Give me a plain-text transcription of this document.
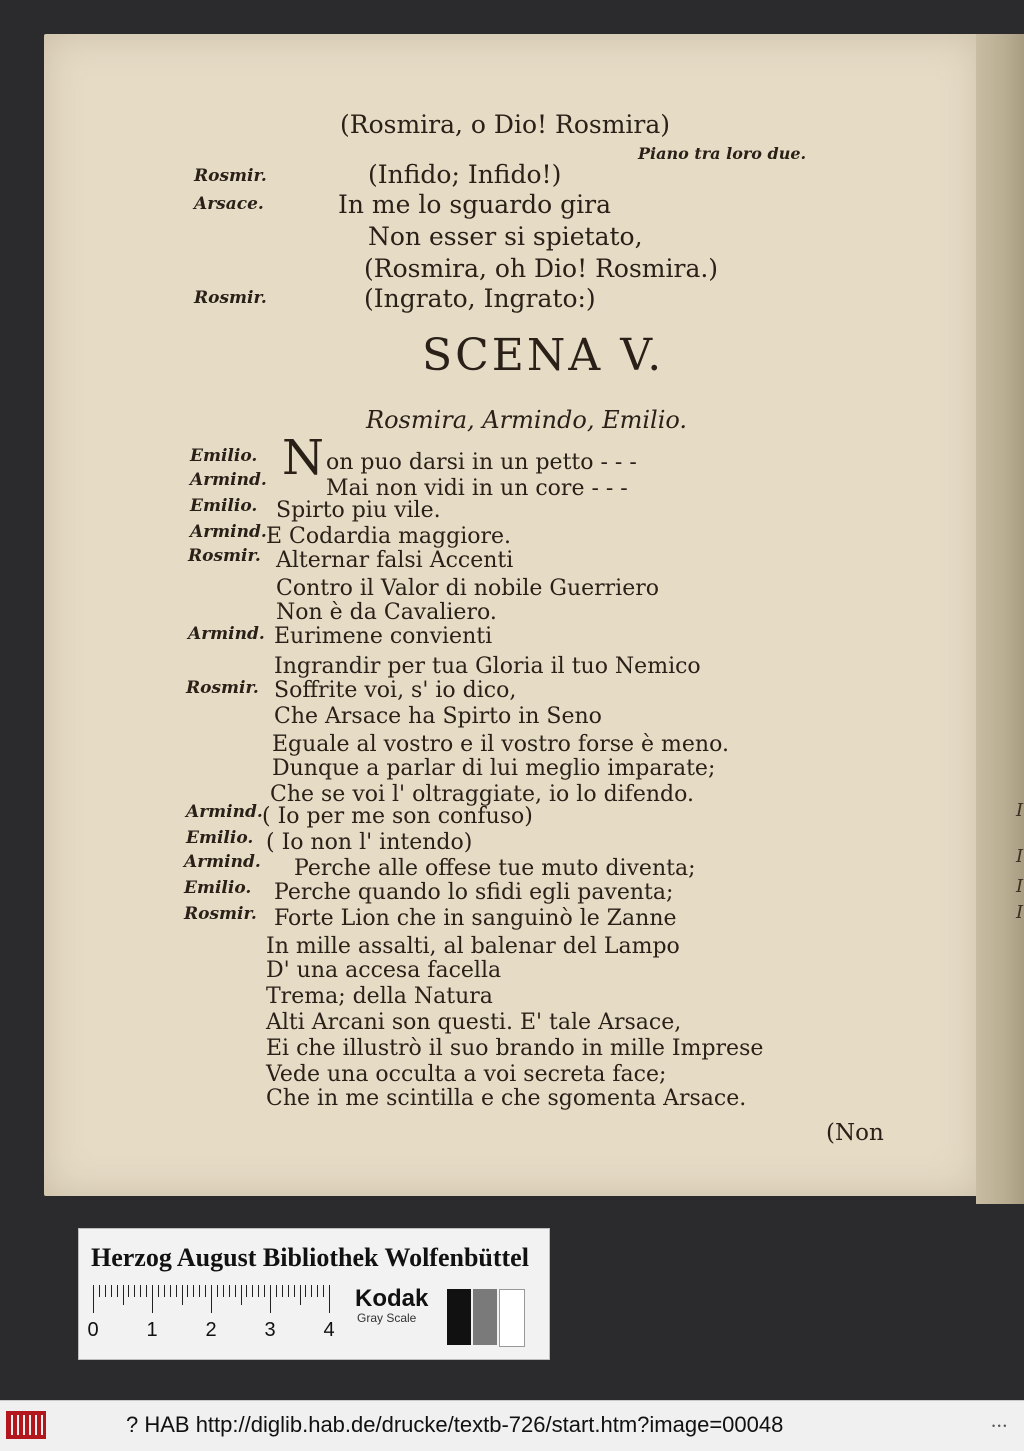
(Rosmira, o Dio! Rosmira)
Piano tra loro due.
Rosmir.	(Infido; Infido!)
Arsace.	In me lo sguardo gira
Non esser si spietato,
(Rosmira, oh Dio! Rosmira.)
Rosmir.	(Ingrato, Ingrato:)
SCENA V.
Rosmira, Armindo, Emilio.
N
Emilio.	on puo darsi in un petto - - -
Armind.	Mai non vidi in un core - - -
Emilio. Spirto piu vile.
Armind. E Codardia maggiore.
Rosmir. Alternar falsi Accenti
Contro il Valor di nobile Guerriero
Non è da Cavaliero.
Armind. Eurimene convienti
Ingrandir per tua Gloria il tuo Nemico
Rosmir. Soffrite voi, s' io dico,
Che Arsace ha Spirto in Seno
Eguale al vostro e il vostro forse è meno.
Dunque a parlar di lui meglio imparate;
Che se voi l' oltraggiate, io lo difendo.
Armind. ( Io per me son confuso)
Emilio. ( Io non l' intendo)
Armind. Perche alle offese tue muto diventa;
Emilio. Perche quando lo sfidi egli paventa;
Rosmir. Forte Lion che in sanguinò le Zanne
In mille assalti, al balenar del Lampo
D' una accesa facella
Trema; della Natura
Alti Arcani son questi. E' tale Arsace,
Ei che illustrò il suo brando in mille Imprese
Vede una occulta a voi secreta face;
Che in me scintilla e che sgomenta Arsace.
(Non
I
I
I
I
Herzog August Bibliothek Wolfenbüttel
0 1 2 3 4
Kodak
Gray Scale
? HAB http://diglib.hab.de/drucke/textb-726/start.htm?image=00048	• • •
